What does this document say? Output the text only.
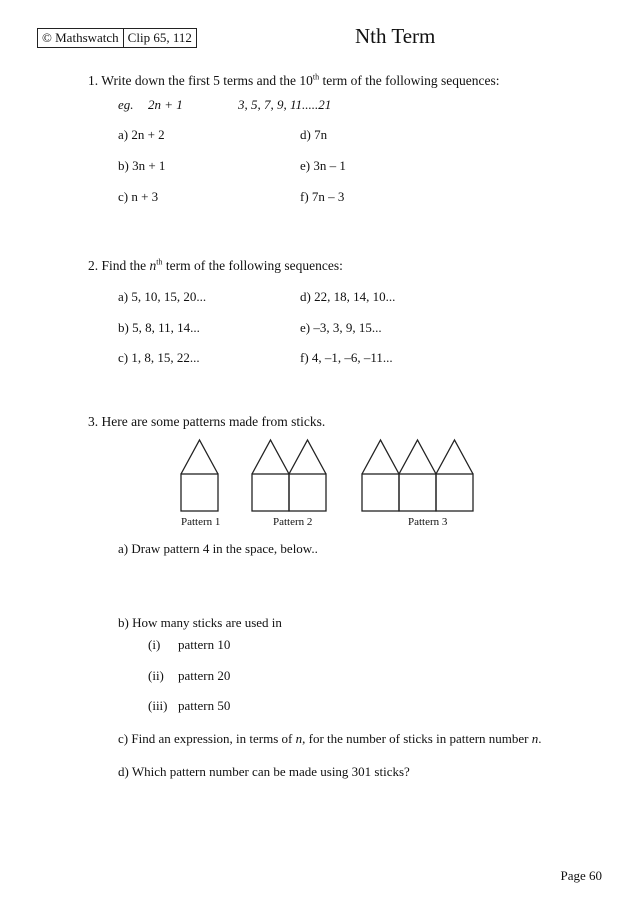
© Mathswatch Clip 65, 112	Nth Term
1. Write down the first 5 terms and the 10th term of the following sequences:
eg. 2n + 1	3, 5, 7, 9, 11.....21
a) 2n + 2	d) 7n
b) 3n + 1	e) 3n – 1
c) n + 3	f) 7n – 3
2. Find the $n^{th}$ term of the following sequences:
a) 5, 10, 15, 20...	d) 22, 18, 14, 10...
b) 5, 8, 11, 14...	e) –3, 3, 9, 15...
c) 1, 8, 15, 22...	f) 4, –1, –6, –11...
3. Here are some patterns made from sticks.
Pattern 1	Pattern 2	Pattern 3
a) Draw pattern 4 in the space, below..
b) How many sticks are used in
(i) pattern 10
(ii) pattern 20
(iii) pattern 50
c) Find an expression, in terms of n, for the number of sticks in pattern number n.
d) Which pattern number can be made using 301 sticks?
Page 60
